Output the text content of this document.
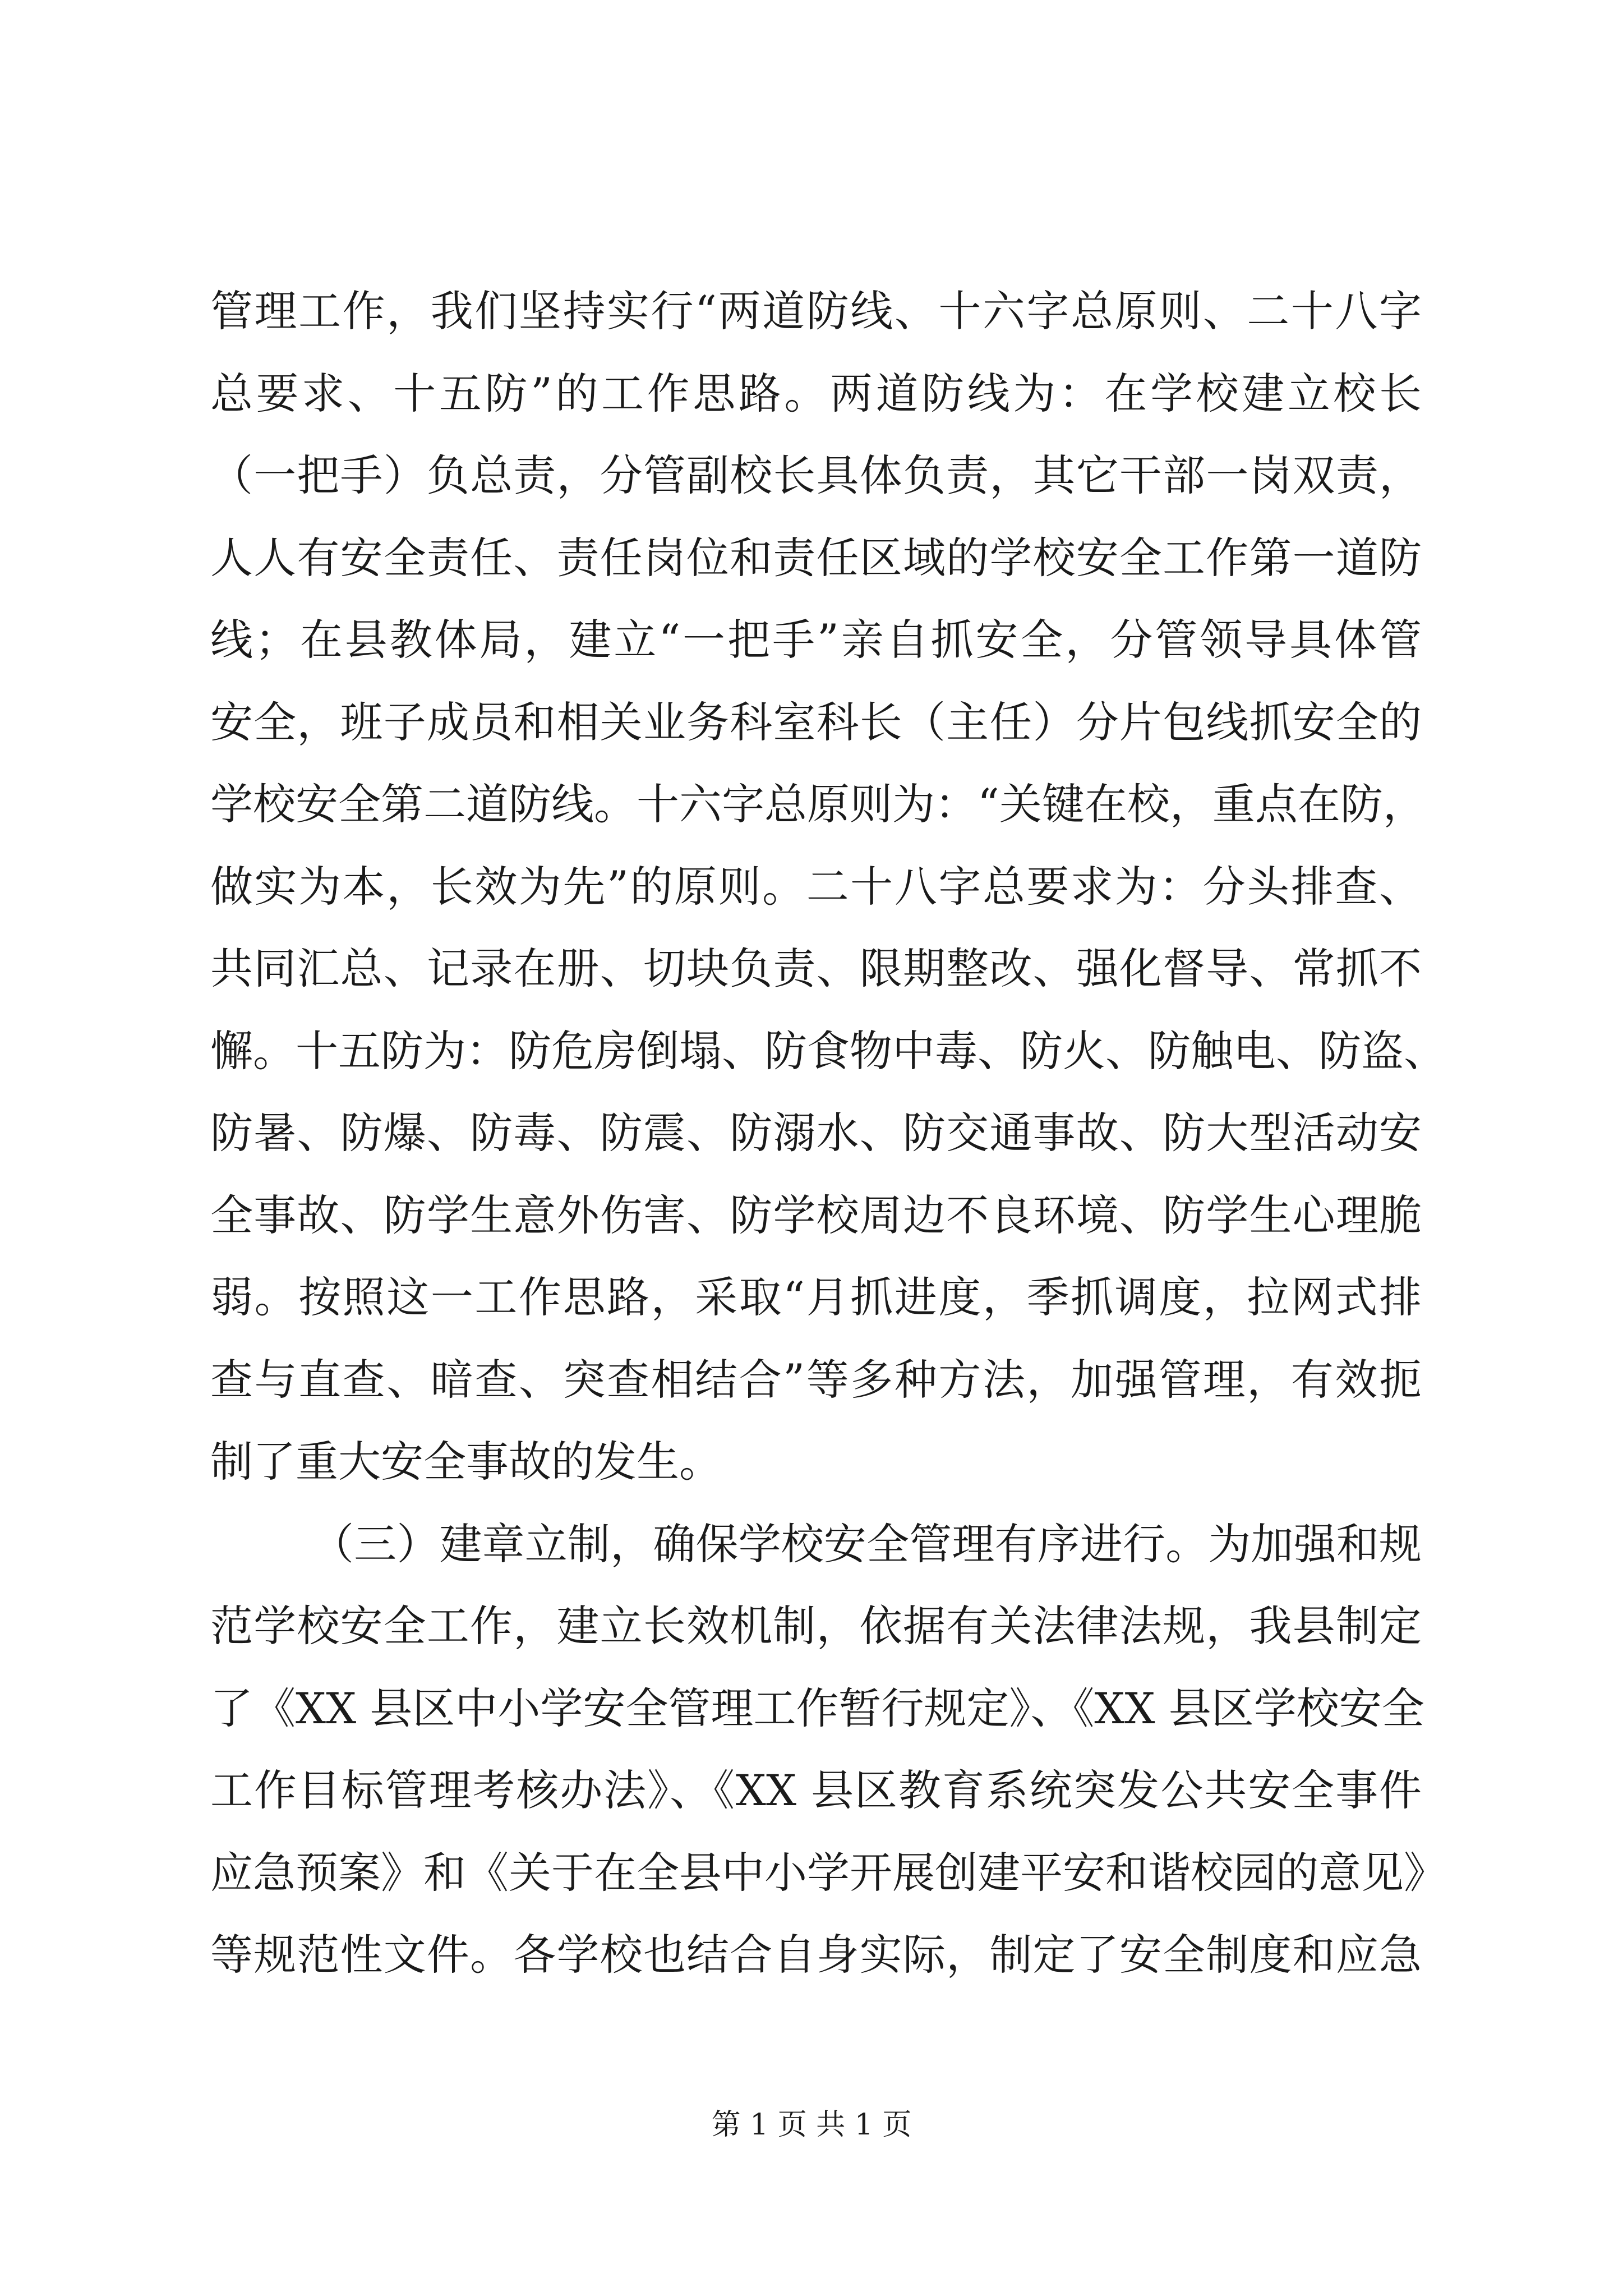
管理工作，我们坚持实行“两道防线、十六字总原则、二十八字
总要求、十五防”的工作思路。两道防线为：在学校建立校长
（一把手）负总责，分管副校长具体负责，其它干部一岗双责，
人人有安全责任、责任岗位和责任区域的学校安全工作第一道防
线；在县教体局，建立“一把手”亲自抓安全，分管领导具体管
安全，班子成员和相关业务科室科长（主任）分片包线抓安全的
学校安全第二道防线。十六字总原则为：“关键在校，重点在防，
做实为本，长效为先”的原则。二十八字总要求为：分头排查、
共同汇总、记录在册、切块负责、限期整改、强化督导、常抓不
懈。十五防为：防危房倒塌、防食物中毒、防火、防触电、防盗、
防暑、防爆、防毒、防震、防溺水、防交通事故、防大型活动安
全事故、防学生意外伤害、防学校周边不良环境、防学生心理脆
弱。按照这一工作思路，采取“月抓进度，季抓调度，拉网式排
查与直查、暗查、突查相结合”等多种方法，加强管理，有效扼
制了重大安全事故的发生。
（三）建章立制，确保学校安全管理有序进行。为加强和规
范学校安全工作，建立长效机制，依据有关法律法规，我县制定
了《XX 县区中小学安全管理工作暂行规定》、《XX 县区学校安全
工作目标管理考核办法》、《XX 县区教育系统突发公共安全事件
应急预案》和《关于在全县中小学开展创建平安和谐校园的意见》
等规范性文件。各学校也结合自身实际，制定了安全制度和应急
第 1 页 共 1 页
